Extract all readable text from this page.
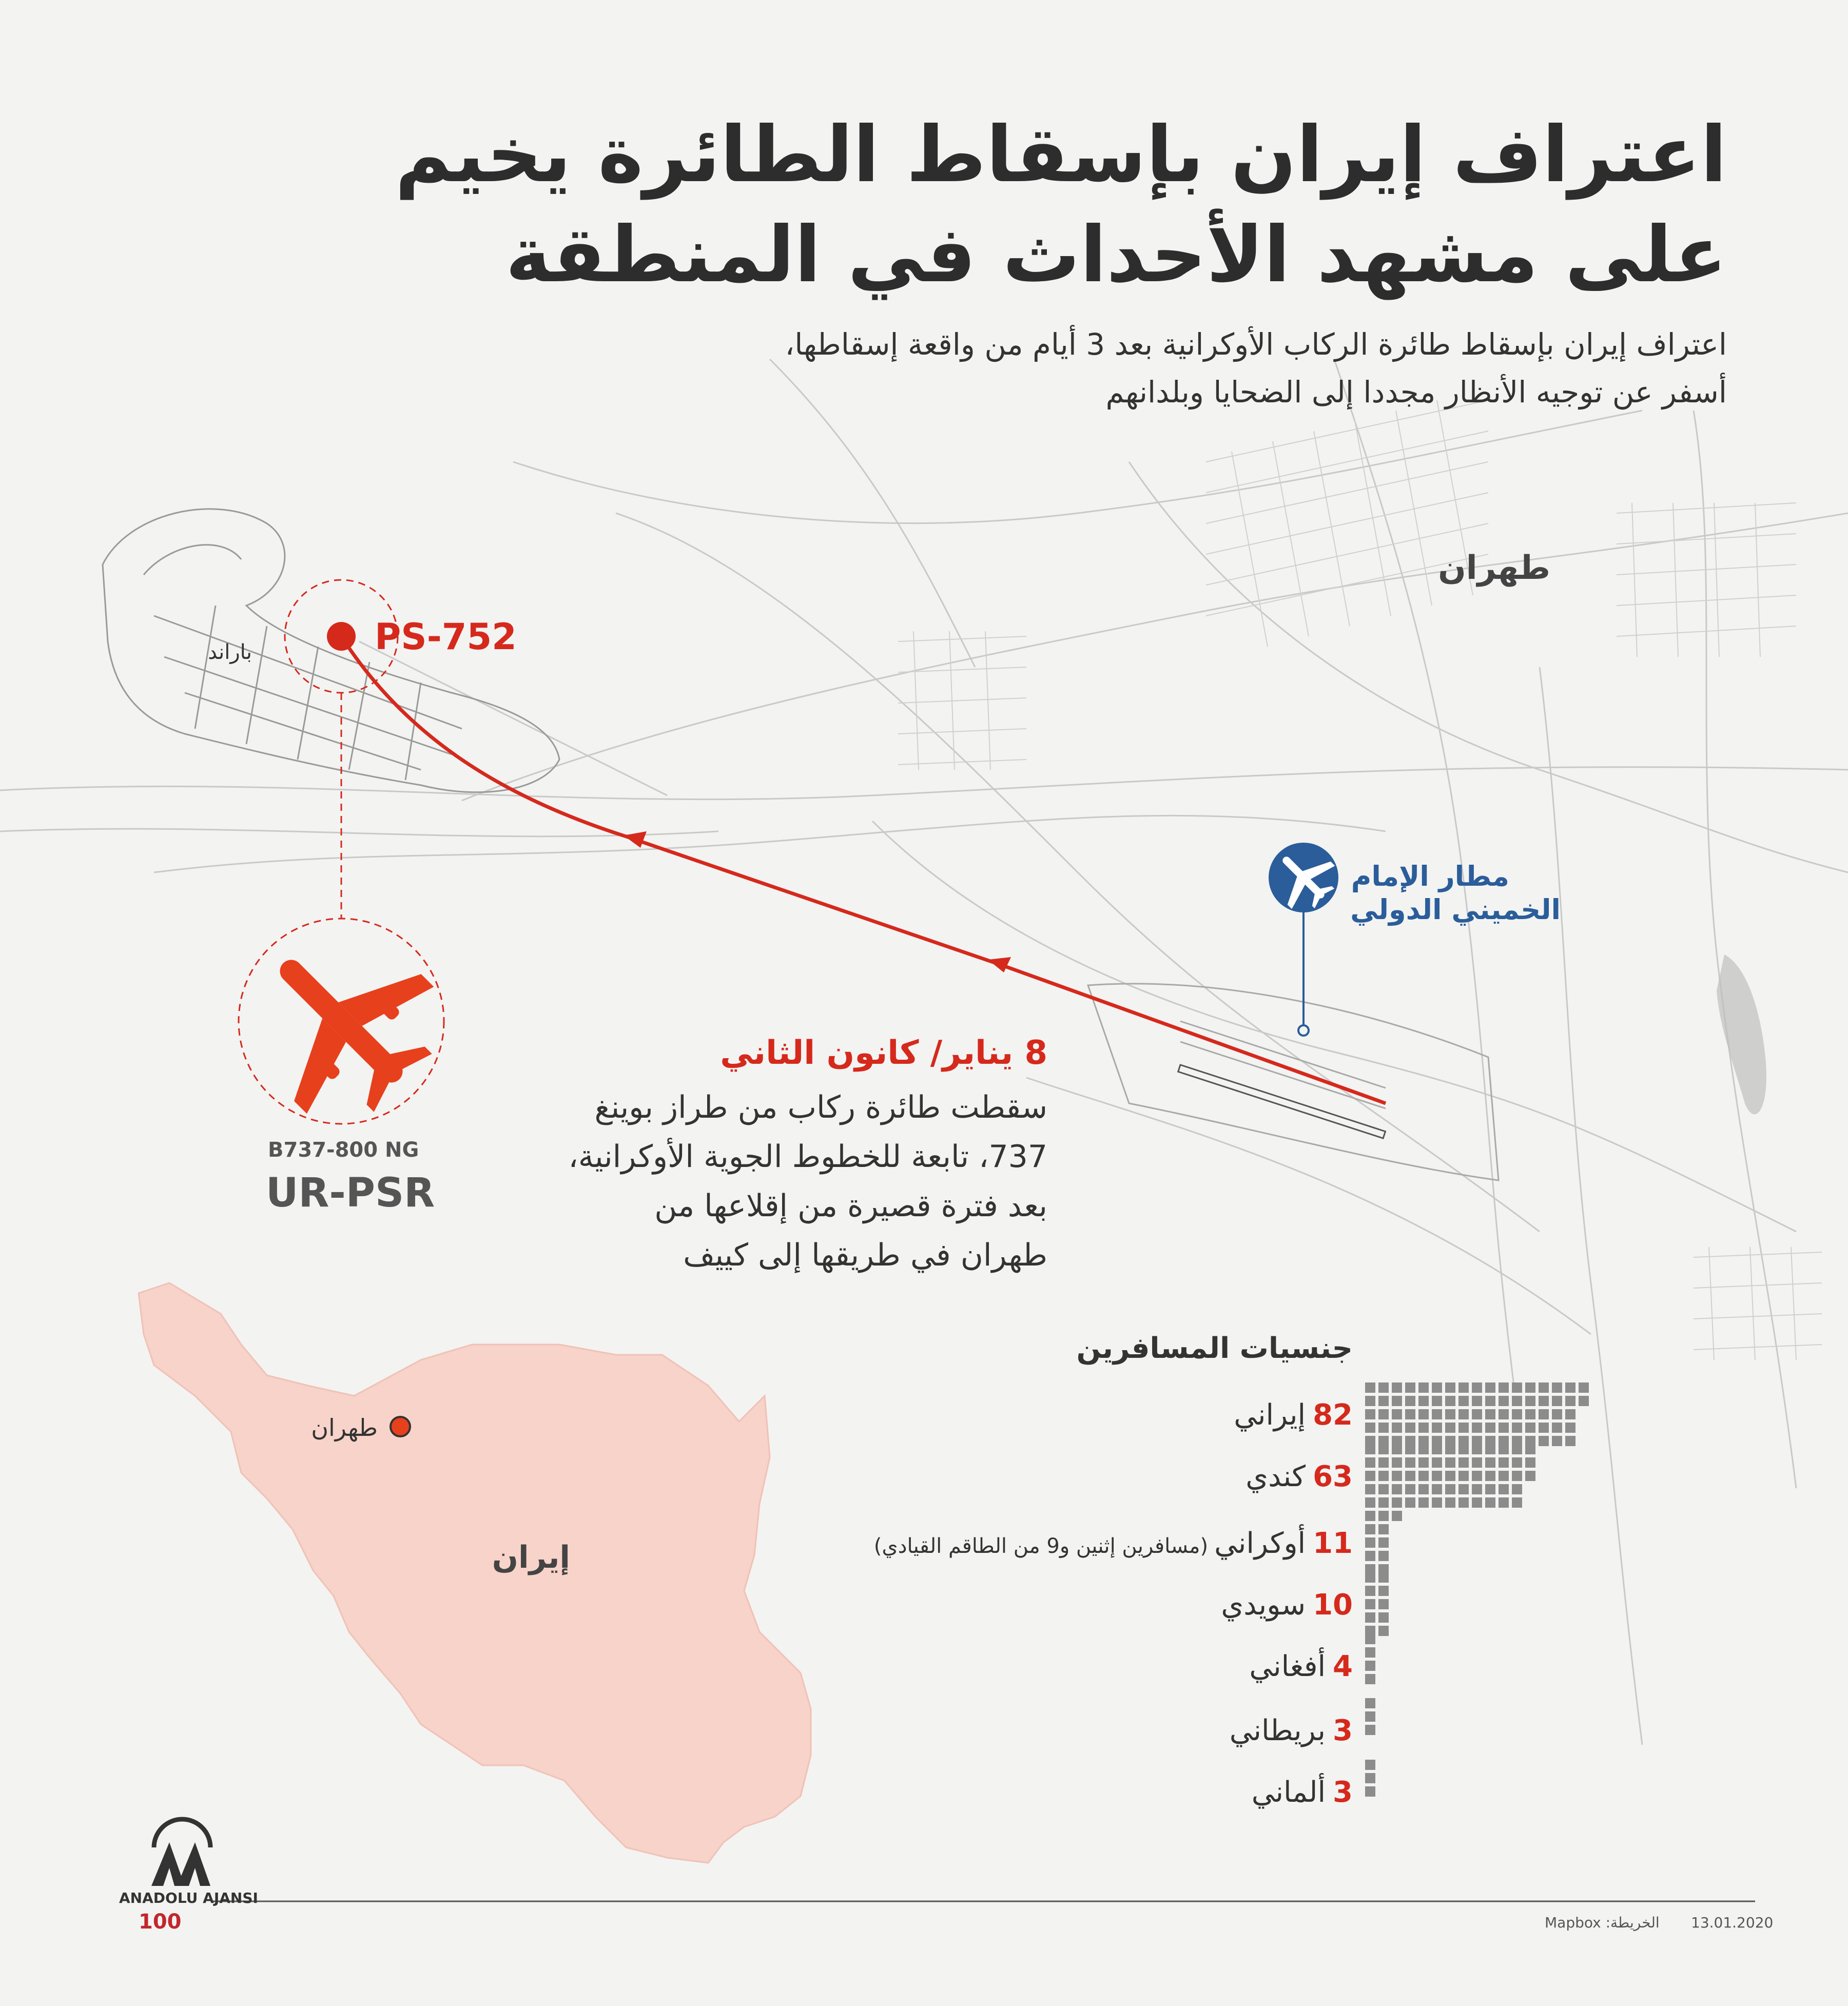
اعتراف إيران بإسقاط الطائرة يخيم
على مشهد الأحداث في المنطقة
اعتراف إيران بإسقاط طائرة الركاب الأوكرانية بعد 3 أيام من واقعة إسقاطها،
أسفر عن توجيه الأنظار مجددا إلى الضحايا وبلدانهم
طهران
باراند	PS-752
مطار الإمام
الخميني الدولي
B737-800 NG
UR-PSR
8 يناير/ كانون الثاني
سقطت طائرة ركاب من طراز بوينغ
737، تابعة للخطوط الجوية الأوكرانية،
بعد فترة قصيرة من إقلاعها من
طهران في طريقها إلى كييف
طهران
إيران
جنسيات المسافرين
82إيراني
63كندي
11أوكراني(مسافرين إثنين و9 من الطاقم القيادي)
10سويدي
4أفغاني
3بريطاني
3ألماني
13.01.2020
الخريطة: Mapbox
ANADOLU AJANSI
100
